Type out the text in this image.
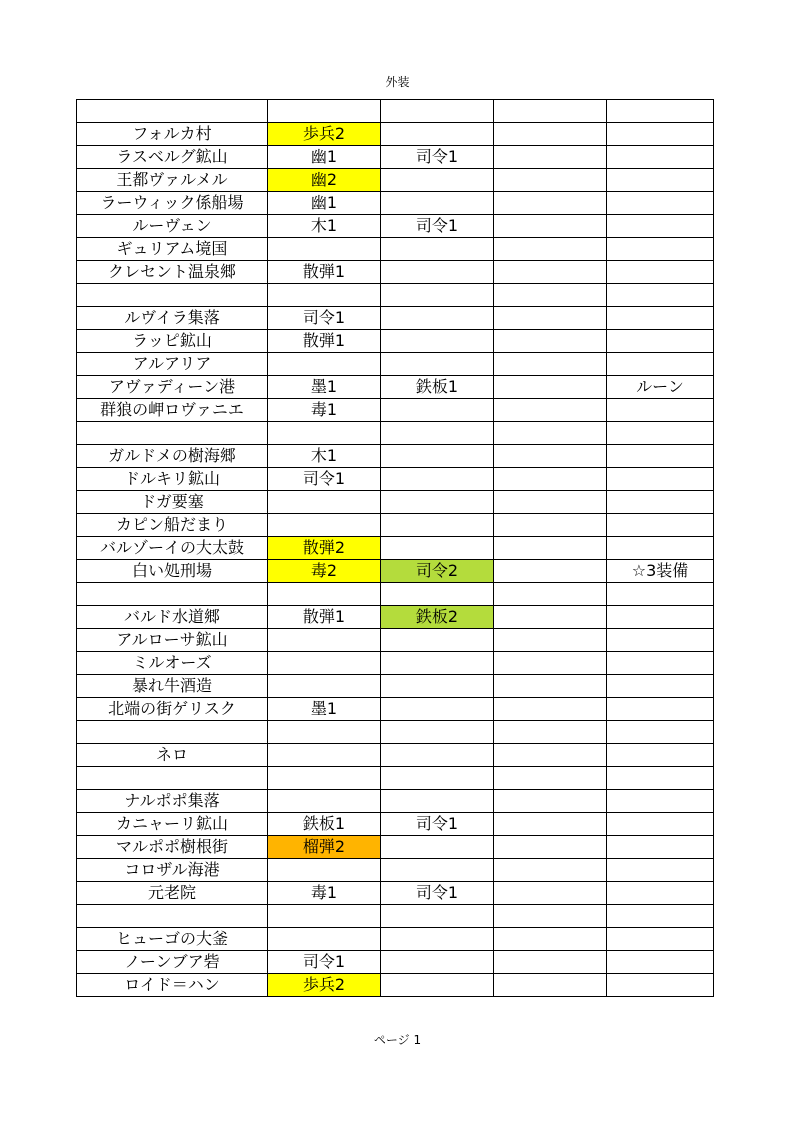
外装

フォルカ村	歩兵2			
ラスベルグ鉱山	幽1	司令1		
王都ヴァルメル	幽2			
ラーウィック係船場	幽1			
ルーヴェン	木1	司令1		
ギュリアム境国				
クレセント温泉郷	散弾1			

ルヴイラ集落	司令1			
ラッピ鉱山	散弾1			
アルアリア				
アヴァディーン港	墨1	鉄板1		ルーン
群狼の岬ロヴァニエ	毒1			

ガルドメの樹海郷	木1			
ドルキリ鉱山	司令1			
ドガ要塞				
カピン船だまり				
バルゾーイの大太鼓	散弾2			
白い処刑場	毒2	司令2		☆3装備

バルド水道郷	散弾1	鉄板2		
アルローサ鉱山				
ミルオーズ				
暴れ牛酒造				
北端の街ゲリスク	墨1			

ネロ				

ナルポポ集落				
カニャーリ鉱山	鉄板1	司令1		
マルポポ樹根街	榴弾2			
コロザル海港				
元老院	毒1	司令1		

ヒューゴの大釜				
ノーンブア砦	司令1			
ロイド＝ハン	歩兵2			
ページ 1
